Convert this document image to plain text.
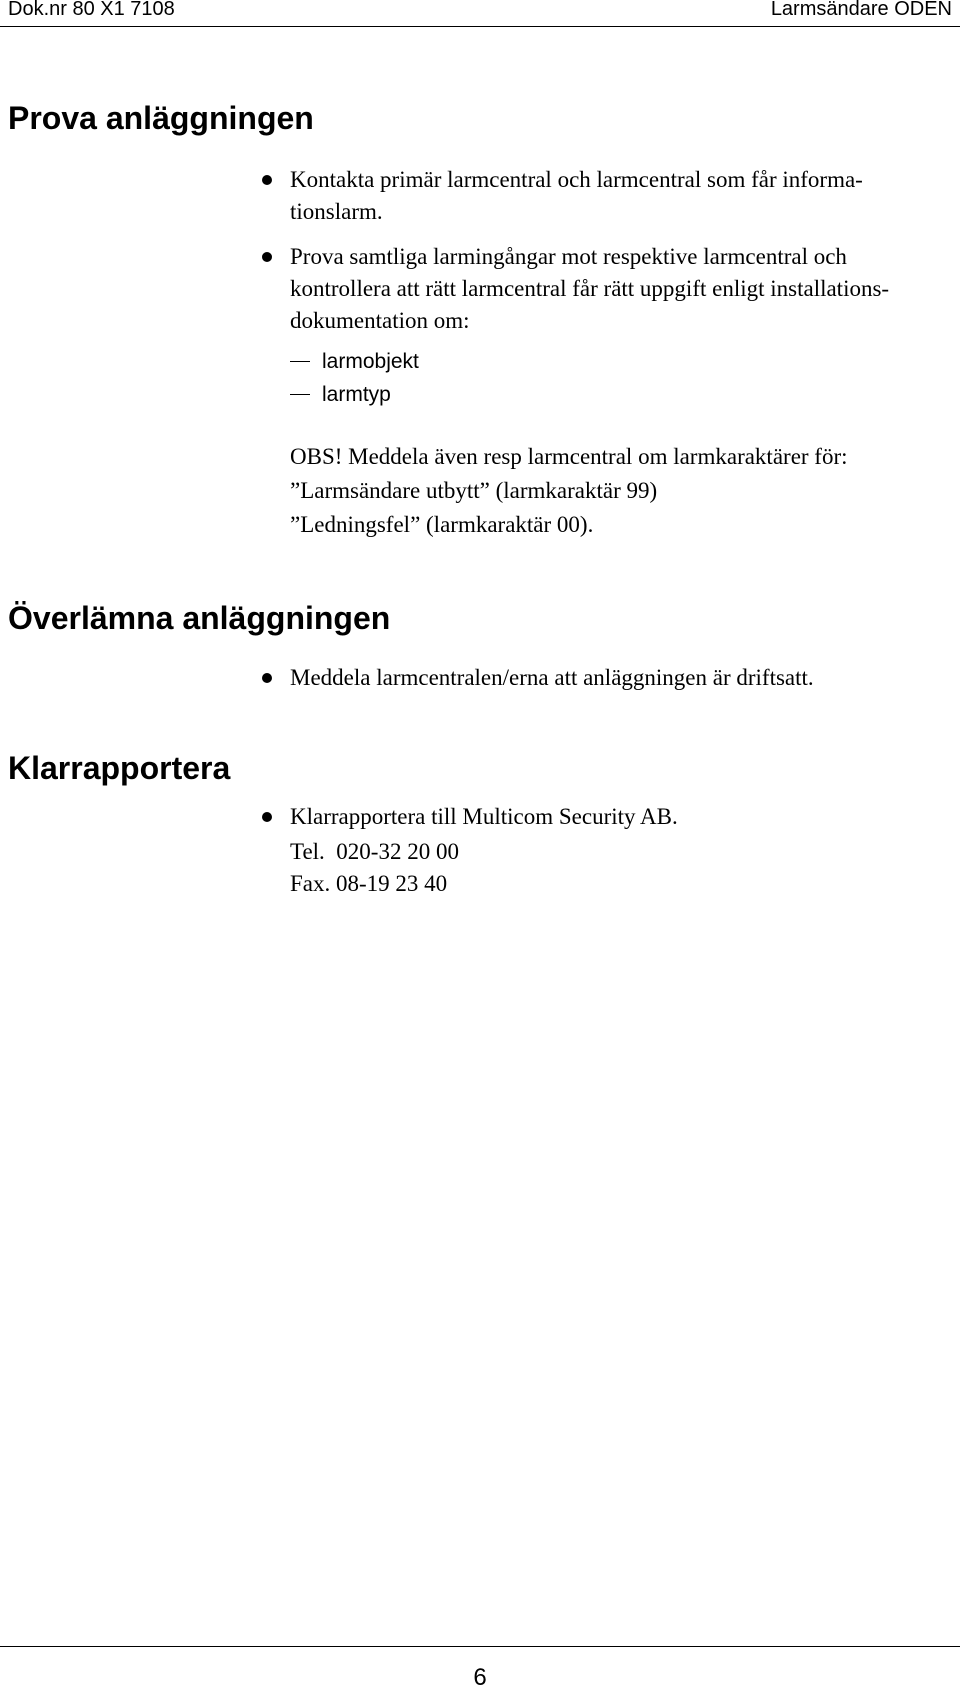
Dok.nr 80 X1 7108	Larmsändare ODEN
Prova anläggningen
Kontakta primär larmcentral och larmcentral som får informa-
tionslarm.
Prova samtliga larmingångar mot respektive larmcentral och
kontrollera att rätt larmcentral får rätt uppgift enligt installations-
dokumentation om:
larmobjekt
larmtyp
OBS! Meddela även resp larmcentral om larmkaraktärer för:
”Larmsändare utbytt” (larmkaraktär 99)
”Ledningsfel” (larmkaraktär 00).
Överlämna anläggningen
Meddela larmcentralen/erna att anläggningen är driftsatt.
Klarrapportera
Klarrapportera till Multicom Security AB.
Tel.  020-32 20 00
Fax. 08-19 23 40
6
